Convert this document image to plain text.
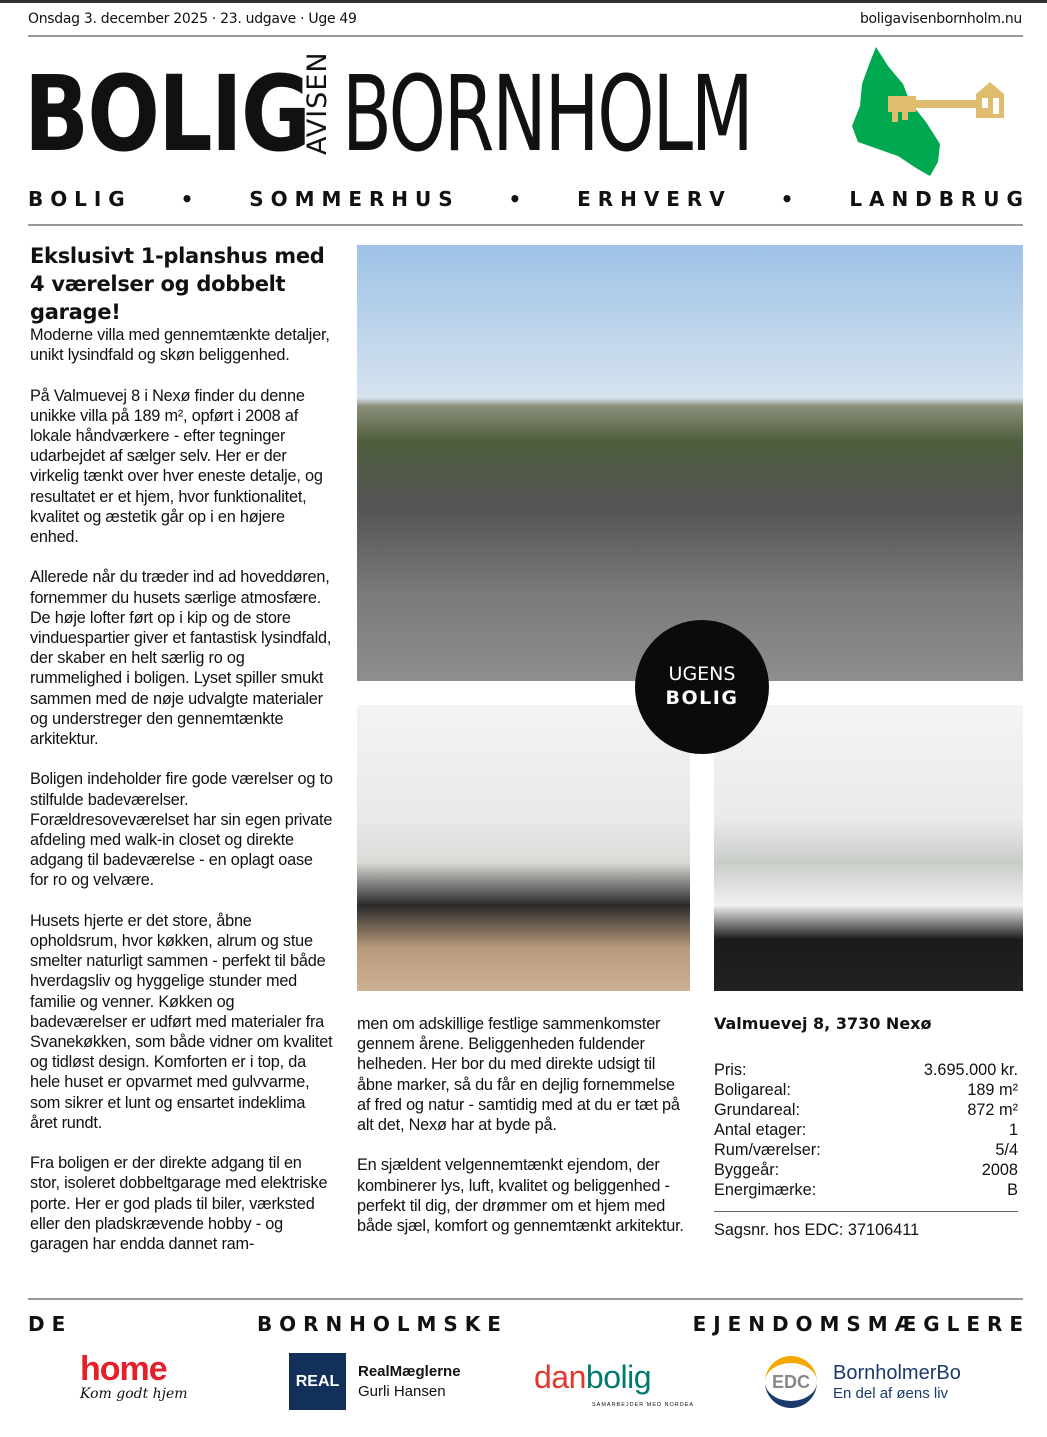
Onsdag 3. december 2025 · 23. udgave · Uge 49	boligavisenbornholm.nu
BOLIG
AVISEN BORNHOLM
B O L I G	•	S O M M E R H U S	•	E R H V E R V	•	L A N D B R U G
Ekslusivt 1-planshus med 4 værelser og dobbelt garage!

Moderne villa med gennemtænkte detaljer, unikt lysindfald og skøn beliggenhed.

På Valmuevej 8 i Nexø finder du denne unikke villa på 189 m², opført i 2008 af lokale håndværkere - efter tegninger udarbejdet af sælger selv. Her er der virkelig tænkt over hver eneste detalje, og resultatet er et hjem, hvor funktionalitet, kvalitet og æstetik går op i en højere enhed.

Allerede når du træder ind ad hoveddøren, fornemmer du husets særlige atmosfære. De høje lofter ført op i kip og de store vinduespartier giver et fantastisk lysindfald, der skaber en helt særlig ro og rummelighed i boligen. Lyset spiller smukt sammen med de nøje udvalgte materialer og understreger den gennemtænkte arkitektur.

Boligen indeholder fire gode værelser og to stilfulde badeværelser. Forældresoveværelset har sin egen private afdeling med walk-in closet og direkte adgang til badeværelse - en oplagt oase for ro og velvære.

Husets hjerte er det store, åbne opholdsrum, hvor køkken, alrum og stue smelter naturligt sammen - perfekt til både hverdagsliv og hyggelige stunder med familie og venner. Køkken og badeværelser er udført med materialer fra Svanekøkken, som både vidner om kvalitet og tidløst design. Komforten er i top, da hele huset er opvarmet med gulvvarme, som sikrer et lunt og ensartet indeklima året rundt.

Fra boligen er der direkte adgang til en stor, isoleret dobbeltgarage med elektriske porte. Her er god plads til biler, værksted eller den pladskrævende hobby - og garagen har endda dannet ram-

UGENS
BOLIG

men om adskillige festlige sammenkomster gennem årene. Beliggenheden fuldender helheden. Her bor du med direkte udsigt til åbne marker, så du får en dejlig fornemmelse af fred og natur - samtidig med at du er tæt på alt det, Nexø har at byde på.

En sjældent velgennemtænkt ejendom, der kombinerer lys, luft, kvalitet og beliggenhed - perfekt til dig, der drømmer om et hjem med både sjæl, komfort og gennemtænkt arkitektur.

Valmuevej 8, 3730 Nexø
Pris:	3.695.000 kr.
Boligareal:	189 m²
Grundareal:	872 m²
Antal etager:	1
Rum/værelser:	5/4
Byggeår:	2008
Energimærke:	B
Sagsnr. hos EDC: 37106411
D E	B O R N H O L M S K E	E J E N D O M S M Æ G L E R E
home
Kom godt hjem
REAL
RealMæglerne
Gurli Hansen	danbolig
SAMARBEJDER MED NORDEA
EDC	BornholmerBo
En del af øens liv
